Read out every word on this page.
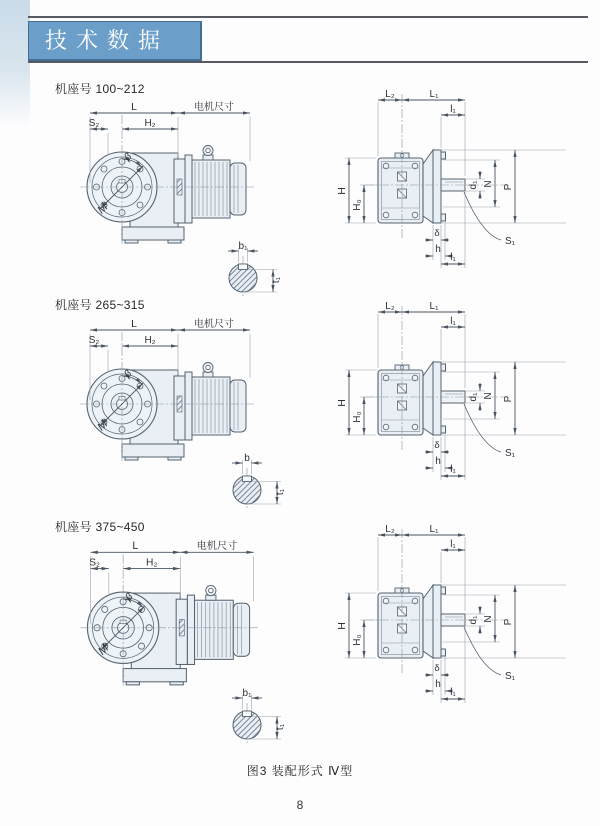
技术数据
机座号 100~212
L	电机尺寸
S₂	H₂
M
β
L₂	L₁
l₁
H
H₀
d₁ N P
δ
h
l₁
S₁
b₁
t₁
机座号 265~315
L	电机尺寸
S₂	H₂
M
β
L₂	L₁
l₁
H
H₀
d₁ N P
δ
h
l₁
S₁
b
t₁
机座号 375~450
L	电机尺寸
S₂	H₂
M
β
L₂	L₁
l₁
H
H₀
d₁ N P
δ
h
l₁
S₁
b₁
t₁
图3 装配形式 Ⅳ型
8
